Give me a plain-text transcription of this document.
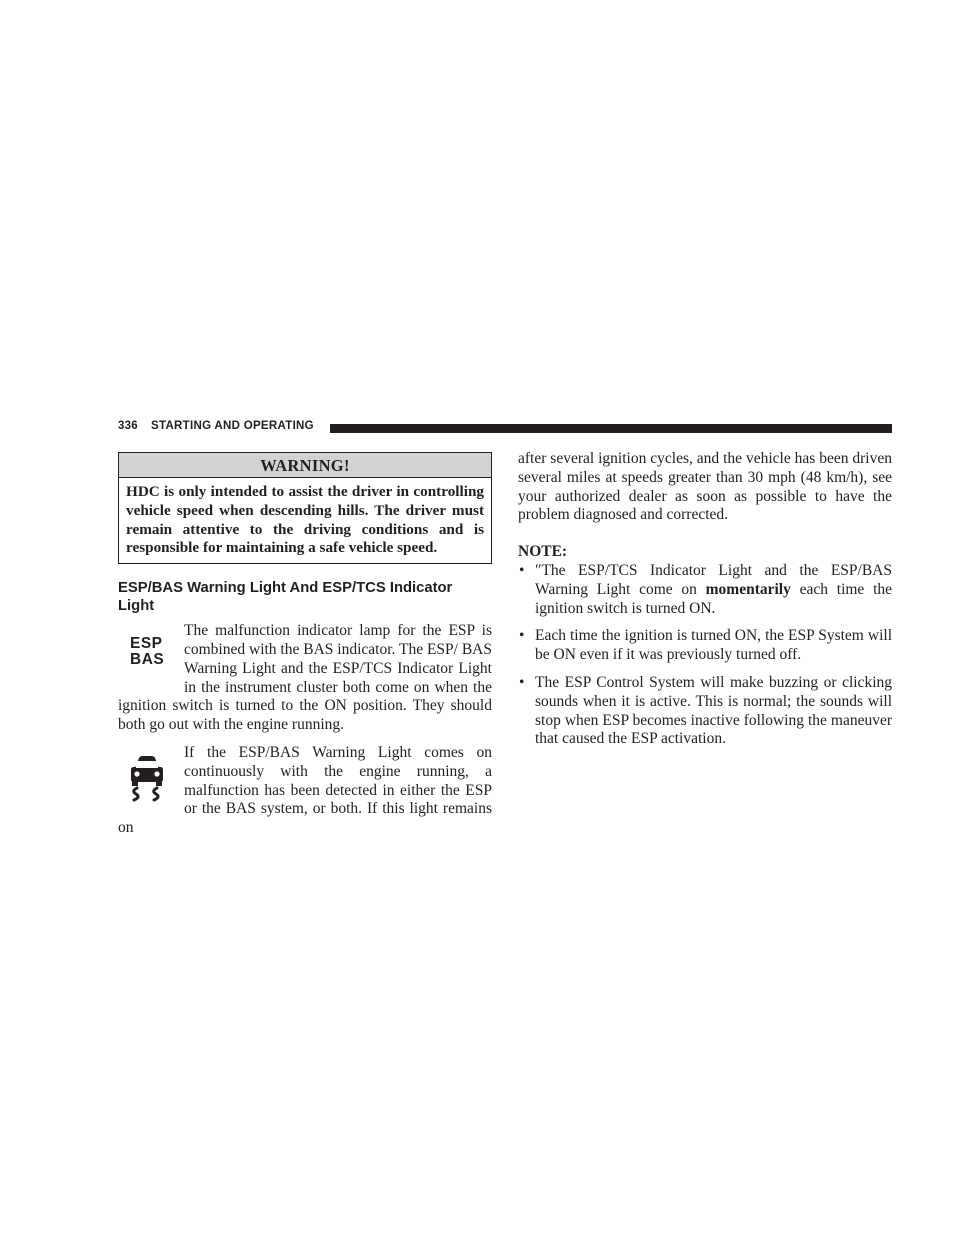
336 STARTING AND OPERATING
WARNING!
HDC is only intended to assist the driver in controlling vehicle speed when descending hills. The driver must remain attentive to the driving conditions and is responsible for maintaining a safe vehicle speed.
ESP/BAS Warning Light And ESP/TCS Indicator Light
ESP
BAS
The malfunction indicator lamp for the ESP is combined with the BAS indicator. The ESP/ BAS Warning Light and the ESP/TCS Indicator Light in the instrument cluster both come on when the ignition switch is turned to the ON position. They should both go out with the engine running.
If the ESP/BAS Warning Light comes on continuously with the engine running, a malfunction has been detected in either the ESP or the BAS system, or both. If this light remains on
after several ignition cycles, and the vehicle has been driven several miles at speeds greater than 30 mph (48 km/h), see your authorized dealer as soon as possible to have the problem diagnosed and corrected.
NOTE:
• ″The ESP/TCS Indicator Light and the ESP/BAS Warning Light come on momentarily each time the ignition switch is turned ON.
• Each time the ignition is turned ON, the ESP System will be ON even if it was previously turned off.
• The ESP Control System will make buzzing or clicking sounds when it is active. This is normal; the sounds will stop when ESP becomes inactive following the maneuver that caused the ESP activation.
